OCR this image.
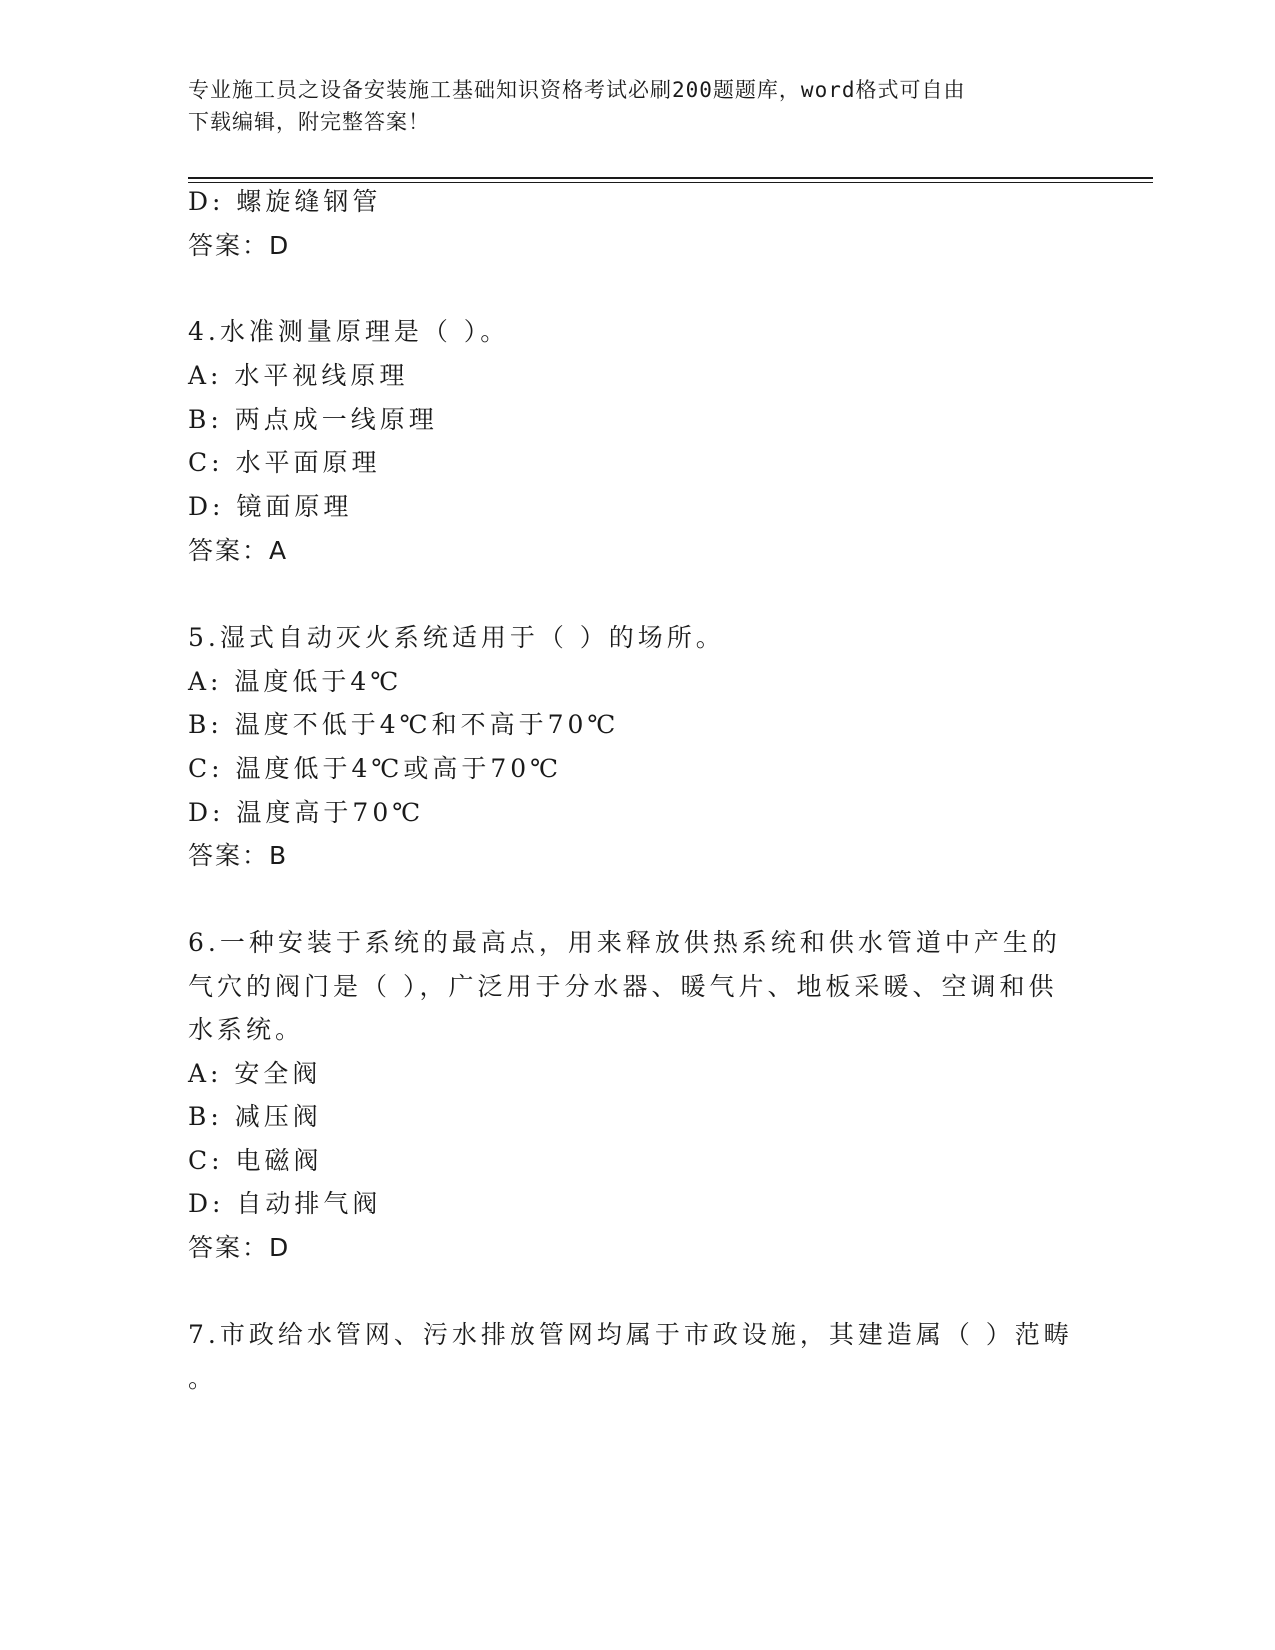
专业施工员之设备安装施工基础知识资格考试必刷200题题库，word格式可自由
下载编辑，附完整答案！
D: 螺旋缝钢管
答案：D
4.水准测量原理是（ ）。
A: 水平视线原理
B: 两点成一线原理
C: 水平面原理
D: 镜面原理
答案：A
5.湿式自动灭火系统适用于（ ）的场所。
A: 温度低于4℃
B: 温度不低于4℃和不高于70℃
C: 温度低于4℃或高于70℃
D: 温度高于70℃
答案：B
6.一种安装于系统的最高点，用来释放供热系统和供水管道中产生的
气穴的阀门是（ ），广泛用于分水器、暖气片、地板采暖、空调和供
水系统。
A: 安全阀
B: 减压阀
C: 电磁阀
D: 自动排气阀
答案：D
7.市政给水管网、污水排放管网均属于市政设施，其建造属（ ）范畴
。
